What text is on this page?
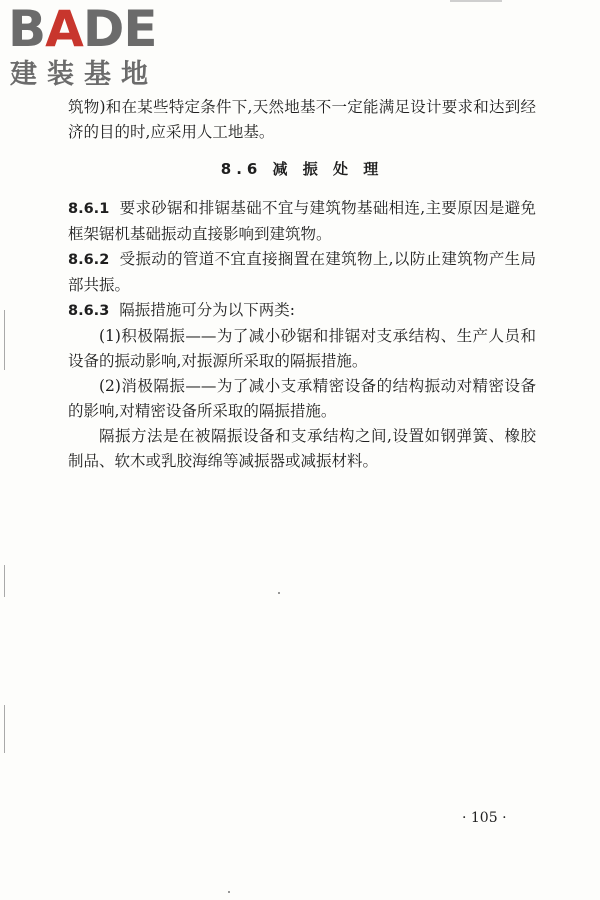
BADE
建装基地

筑物)和在某些特定条件下,天然地基不一定能满足设计要求和达到经济的目的时,应采用人工地基。

8.6 减 振 处 理

8.6.1 要求砂锯和排锯基础不宜与建筑物基础相连,主要原因是避免框架锯机基础振动直接影响到建筑物。

8.6.2 受振动的管道不宜直接搁置在建筑物上,以防止建筑物产生局部共振。

8.6.3 隔振措施可分为以下两类:

(1)积极隔振——为了减小砂锯和排锯对支承结构、生产人员和设备的振动影响,对振源所采取的隔振措施。

(2)消极隔振——为了减小支承精密设备的结构振动对精密设备的影响,对精密设备所采取的隔振措施。

隔振方法是在被隔振设备和支承结构之间,设置如钢弹簧、橡胶制品、软木或乳胶海绵等减振器或减振材料。

· 105 ·
